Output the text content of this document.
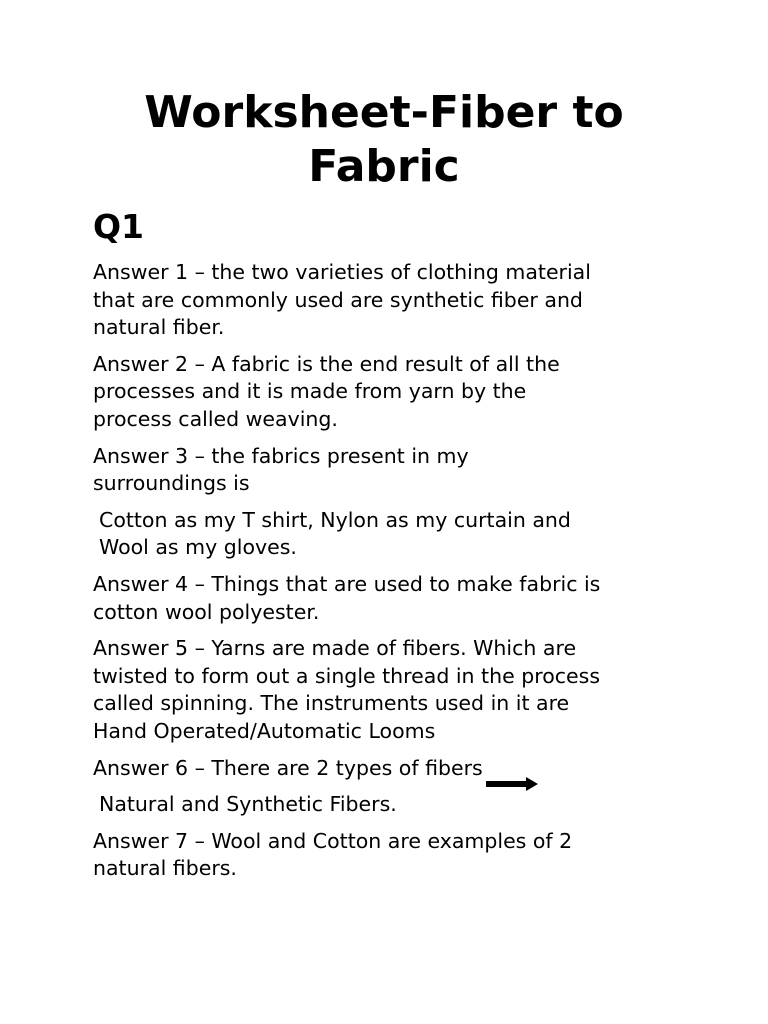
Worksheet-Fiber to
Fabric
Q1

Answer 1 – the two varieties of clothing material
that are commonly used are synthetic fiber and
natural fiber.

Answer 2 – A fabric is the end result of all the
processes and it is made from yarn by the
process called weaving.

Answer 3 – the fabrics present in my
surroundings is

Cotton as my T shirt, Nylon as my curtain and
Wool as my gloves.

Answer 4 – Things that are used to make fabric is
cotton wool polyester.

Answer 5 – Yarns are made of fibers. Which are
twisted to form out a single thread in the process
called spinning. The instruments used in it are
Hand Operated/Automatic Looms

Answer 6 – There are 2 types of fibers

Natural and Synthetic Fibers.

Answer 7 – Wool and Cotton are examples of 2
natural fibers.
